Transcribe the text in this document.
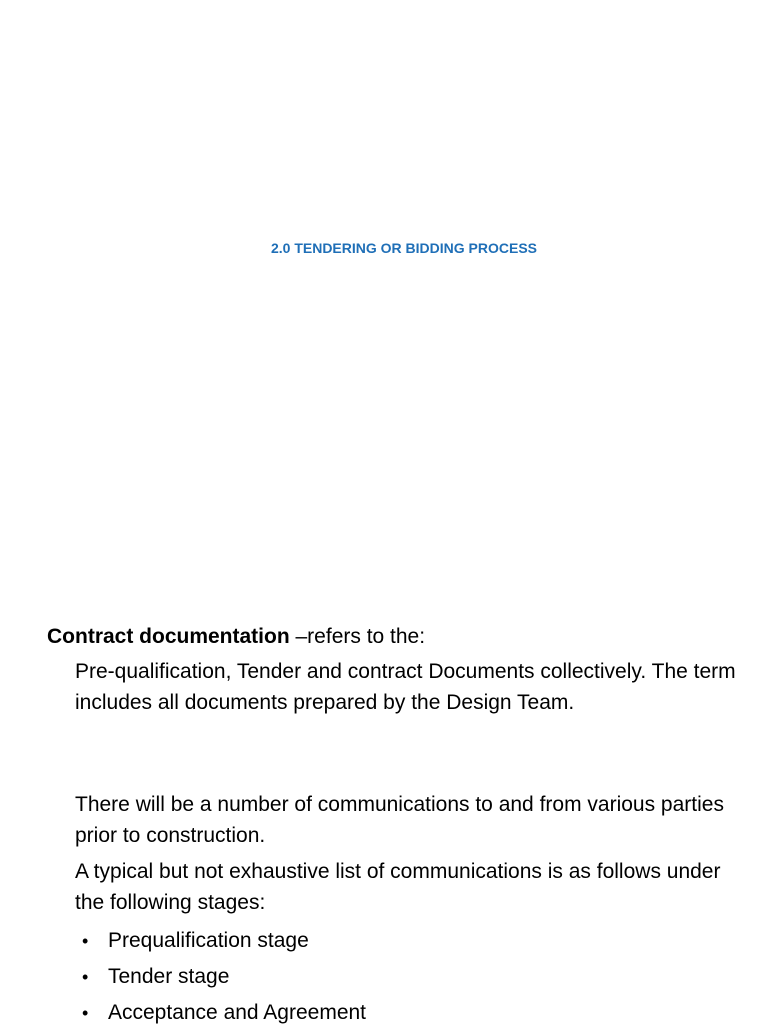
2.0 TENDERING OR BIDDING PROCESS
Contract documentation –refers to the:
Pre-qualification, Tender and contract Documents collectively. The term includes all documents prepared by the Design Team.
There will be a number of communications to and from various parties prior to construction.
A typical but not exhaustive list of communications is as follows under the following stages:
• Prequalification stage
• Tender stage
• Acceptance and Agreement
